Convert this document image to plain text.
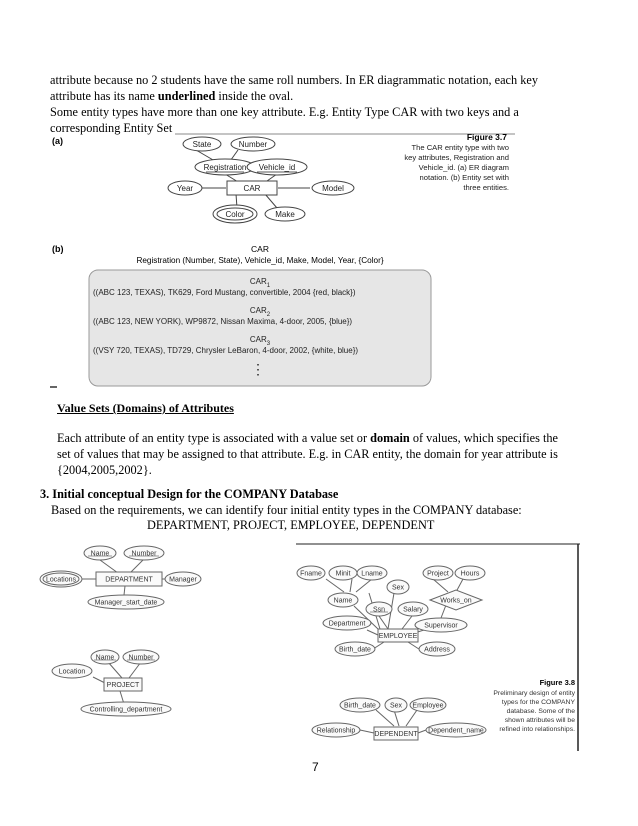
attribute because no 2 students have the same roll numbers. In ER diagrammatic notation, each key
attribute has its name underlined inside the oval.
Some entity types have more than one key attribute. E.g. Entity Type CAR with two keys and a
corresponding Entity Set
(a)	State	Number
Registration Vehicle_id
Year	CAR	Model
Color	Make
Figure 3.7
The CAR entity type with two
key attributes, Registration and
Vehicle_id. (a) ER diagram
notation. (b) Entity set with
three entities.
(b)	CAR
Registration (Number, State), Vehicle_id, Make, Model, Year, {Color}
$CAR_1$
((ABC 123, TEXAS), TK629, Ford Mustang, convertible, 2004 {red, black})
$CAR_2$
((ABC 123, NEW YORK), WP9872, Nissan Maxima, 4-door, 2005, {blue})
$CAR_3$
((VSY 720, TEXAS), TD729, Chrysler LeBaron, 4-door, 2002, {white, blue})
⋮
Value Sets (Domains) of Attributes
Each attribute of an entity type is associated with a value set or domain of values, which specifies the
set of values that may be assigned to that attribute. E.g. in CAR entity, the domain for year attribute is
{2004,2005,2002}.
3. Initial conceptual Design for the COMPANY Database
Based on the requirements, we can identify four initial entity types in the COMPANY database:
DEPARTMENT, PROJECT, EMPLOYEE, DEPENDENT
Name	Number
Locations	DEPARTMENT Manager
Manager_start_date
Name Number
Location
PROJECT
Controlling_department
Fname Minit Lname
Sex
Project Hours
Name
Ssn	Salary
Works_on
Department
EMPLOYEE
Supervisor
Birth_date	Address
Birth_date Sex Employee
Relationship	DEPENDENT Dependent_name
Figure 3.8
Preliminary design of entity
types for the COMPANY
database. Some of the
shown attributes will be
refined into relationships.
7
